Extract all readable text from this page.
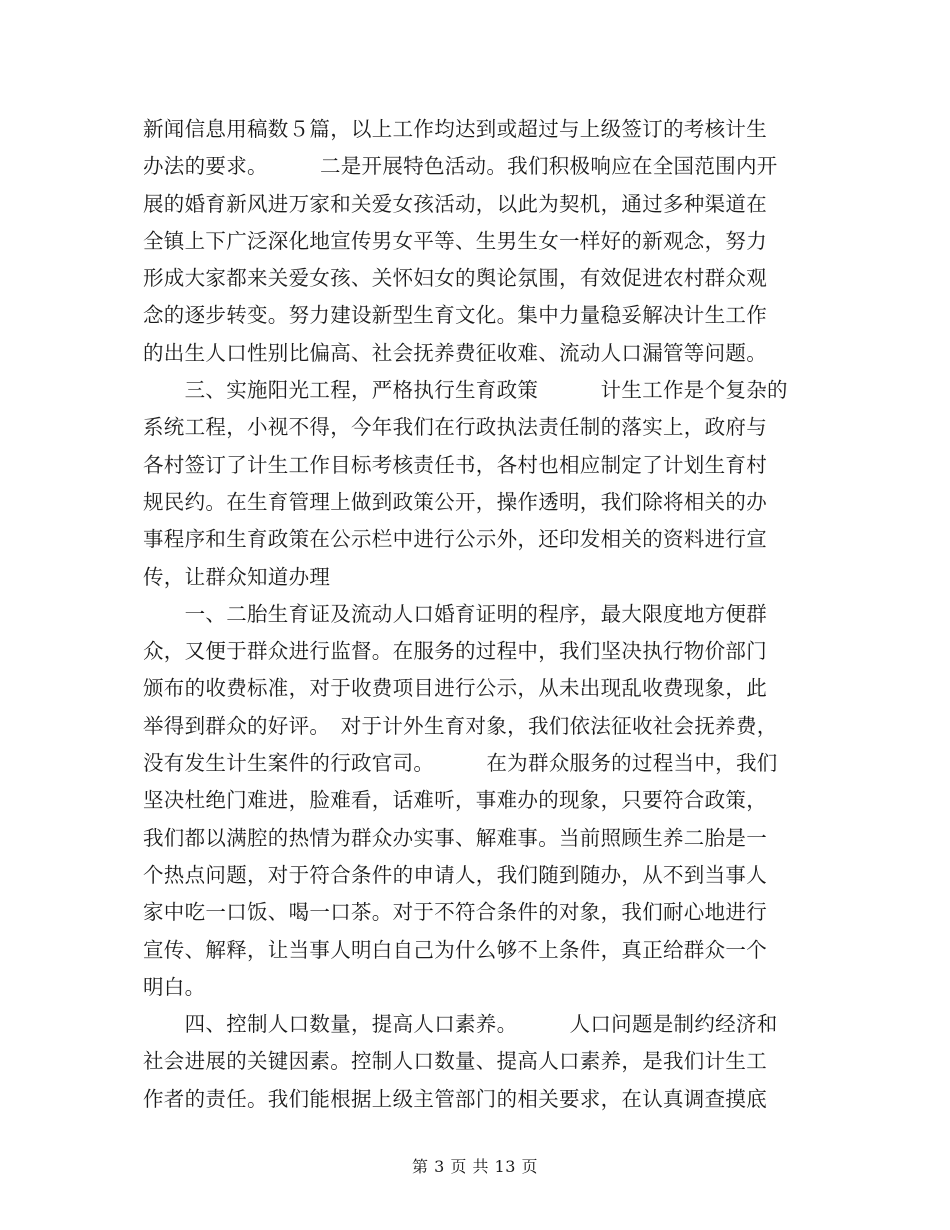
新闻信息用稿数５篇，以上工作均达到或超过与上级签订的考核计生
办法的要求。　　　二是开展特色活动。我们积极响应在全国范围内开
展的婚育新风进万家和关爱女孩活动，以此为契机，通过多种渠道在
全镇上下广泛深化地宣传男女平等、生男生女一样好的新观念，努力
形成大家都来关爱女孩、关怀妇女的舆论氛围，有效促进农村群众观
念的逐步转变。努力建设新型生育文化。集中力量稳妥解决计生工作
的出生人口性别比偏高、社会抚养费征收难、流动人口漏管等问题。
　　三、实施阳光工程，严格执行生育政策　　　计生工作是个复杂的
系统工程，小视不得，今年我们在行政执法责任制的落实上，政府与
各村签订了计生工作目标考核责任书，各村也相应制定了计划生育村
规民约。在生育管理上做到政策公开，操作透明，我们除将相关的办
事程序和生育政策在公示栏中进行公示外，还印发相关的资料进行宣
传，让群众知道办理
　　一、二胎生育证及流动人口婚育证明的程序，最大限度地方便群
众，又便于群众进行监督。在服务的过程中，我们坚决执行物价部门
颁布的收费标准，对于收费项目进行公示，从未出现乱收费现象，此
举得到群众的好评。　对于计外生育对象，我们依法征收社会抚养费，
没有发生计生案件的行政官司。　　　在为群众服务的过程当中，我们
坚决杜绝门难进，脸难看，话难听，事难办的现象，只要符合政策，
我们都以满腔的热情为群众办实事、解难事。当前照顾生养二胎是一
个热点问题，对于符合条件的申请人，我们随到随办，从不到当事人
家中吃一口饭、喝一口茶。对于不符合条件的对象，我们耐心地进行
宣传、解释，让当事人明白自己为什么够不上条件，真正给群众一个
明白。
　　四、控制人口数量，提高人口素养。　　　人口问题是制约经济和
社会进展的关键因素。控制人口数量、提高人口素养，是我们计生工
作者的责任。我们能根据上级主管部门的相关要求，在认真调查摸底
第 3 页 共 13 页
